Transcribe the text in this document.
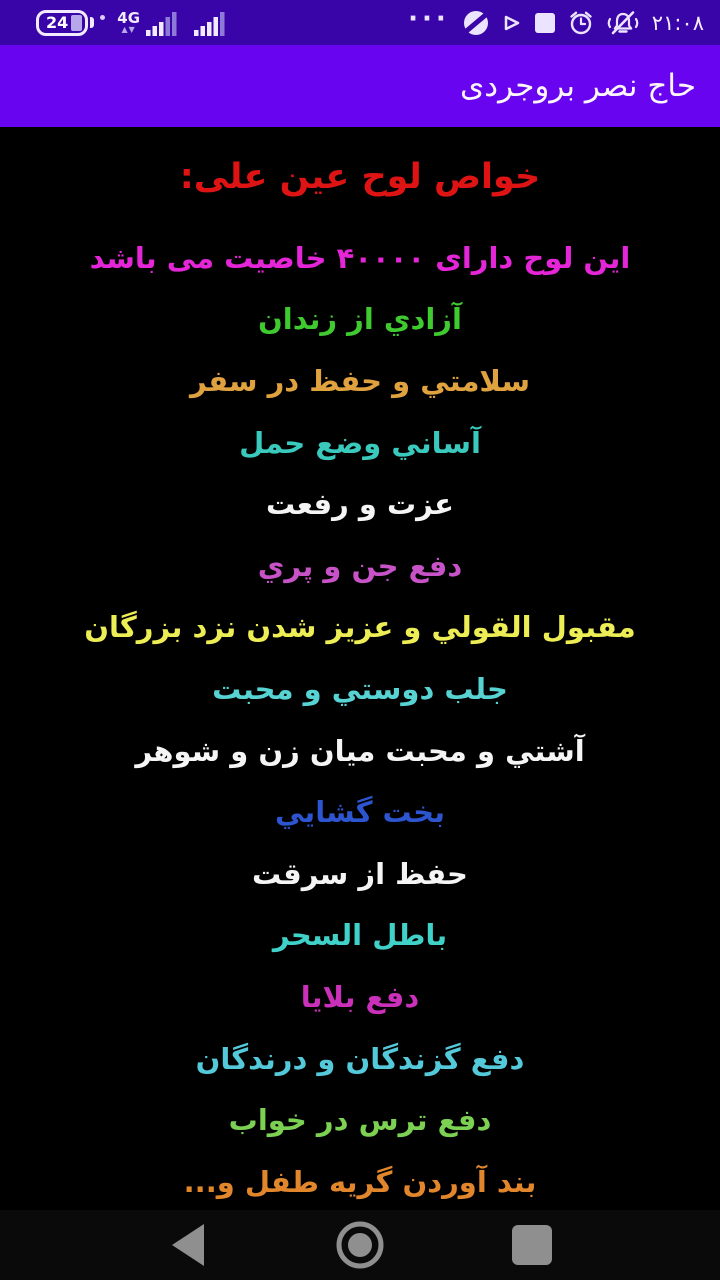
24	4G
▲▼	···	۲۱:۰۸
حاج نصر بروجردی
خواص لوح عین علی:
این لوح دارای ۴۰۰۰۰ خاصیت می باشد
آزادي از زندان
سلامتي و حفظ در سفر
آساني وضع حمل
عزت و رفعت
دفع جن و پري
مقبول القولي و عزيز شدن نزد بزرگان
جلب دوستي و محبت
آشتي و محبت ميان زن و شوهر
بخت گشايي
حفظ از سرقت
باطل السحر
دفع بلايا
دفع گزندگان و درندگان
دفع ترس در خواب
بند آوردن گريه طفل و...
